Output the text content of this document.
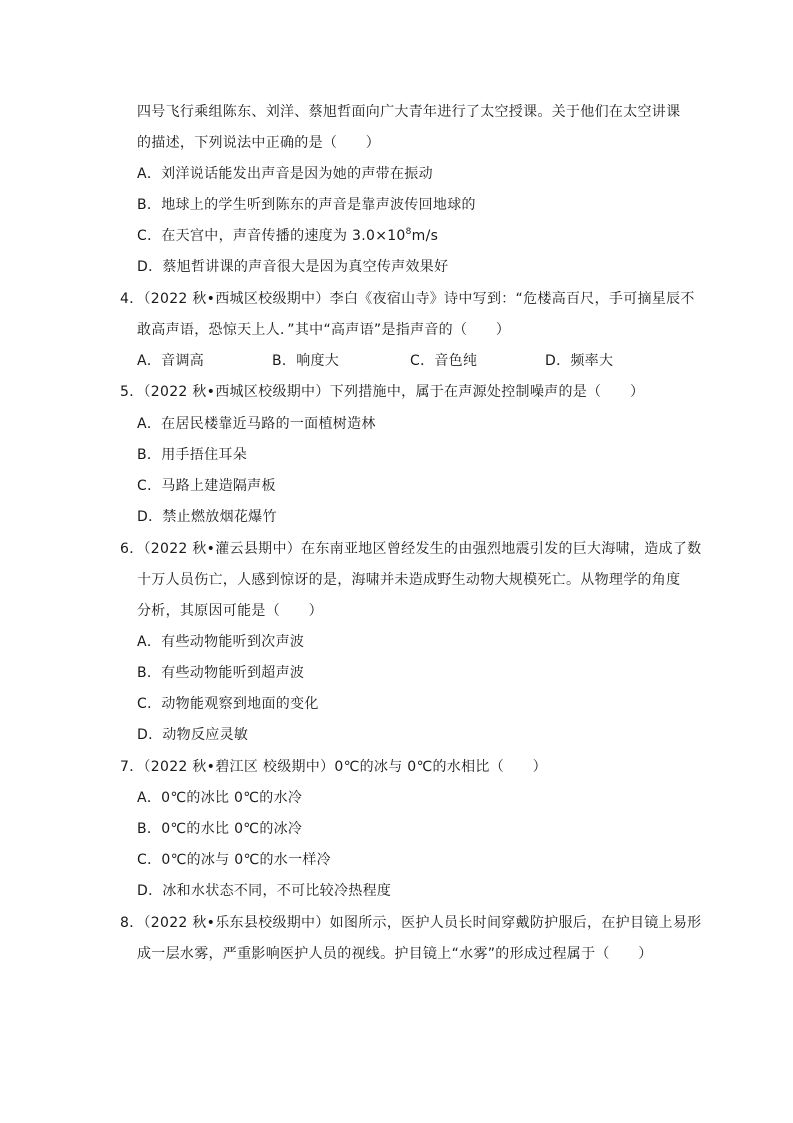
四号飞行乘组陈东、刘洋、蔡旭哲面向广大青年进行了太空授课。关于他们在太空讲课
的描述，下列说法中正确的是（　　）
A．刘洋说话能发出声音是因为她的声带在振动
B．地球上的学生听到陈东的声音是靠声波传回地球的
C．在天宫中，声音传播的速度为 $3.0\times 10^8m/s$
D．蔡旭哲讲课的声音很大是因为真空传声效果好
4．（2022 秋•西城区校级期中）李白《夜宿山寺》诗中写到：“危楼高百尺，手可摘星辰不
敢高声语，恐惊天上人．”其中“高声语”是指声音的（　　）
A．音调高	B．响度大	C．音色纯	D．频率大
5．（2022 秋•西城区校级期中）下列措施中，属于在声源处控制噪声的是（　　）
A．在居民楼靠近马路的一面植树造林
B．用手捂住耳朵
C．马路上建造隔声板
D．禁止燃放烟花爆竹
6．（2022 秋•灌云县期中）在东南亚地区曾经发生的由强烈地震引发的巨大海啸，造成了数
十万人员伤亡，人感到惊讶的是，海啸并未造成野生动物大规模死亡。从物理学的角度
分析，其原因可能是（　　）
A．有些动物能听到次声波
B．有些动物能听到超声波
C．动物能观察到地面的变化
D．动物反应灵敏
7．（2022 秋•碧江区 校级期中）0℃的冰与 0℃的水相比（　　）
A．0℃的冰比 0℃的水冷
B．0℃的水比 0℃的冰冷
C．0℃的冰与 0℃的水一样冷
D．冰和水状态不同，不可比较冷热程度
8．（2022 秋•乐东县校级期中）如图所示，医护人员长时间穿戴防护服后，在护目镜上易形
成一层水雾，严重影响医护人员的视线。护目镜上“水雾”的形成过程属于（　　）
